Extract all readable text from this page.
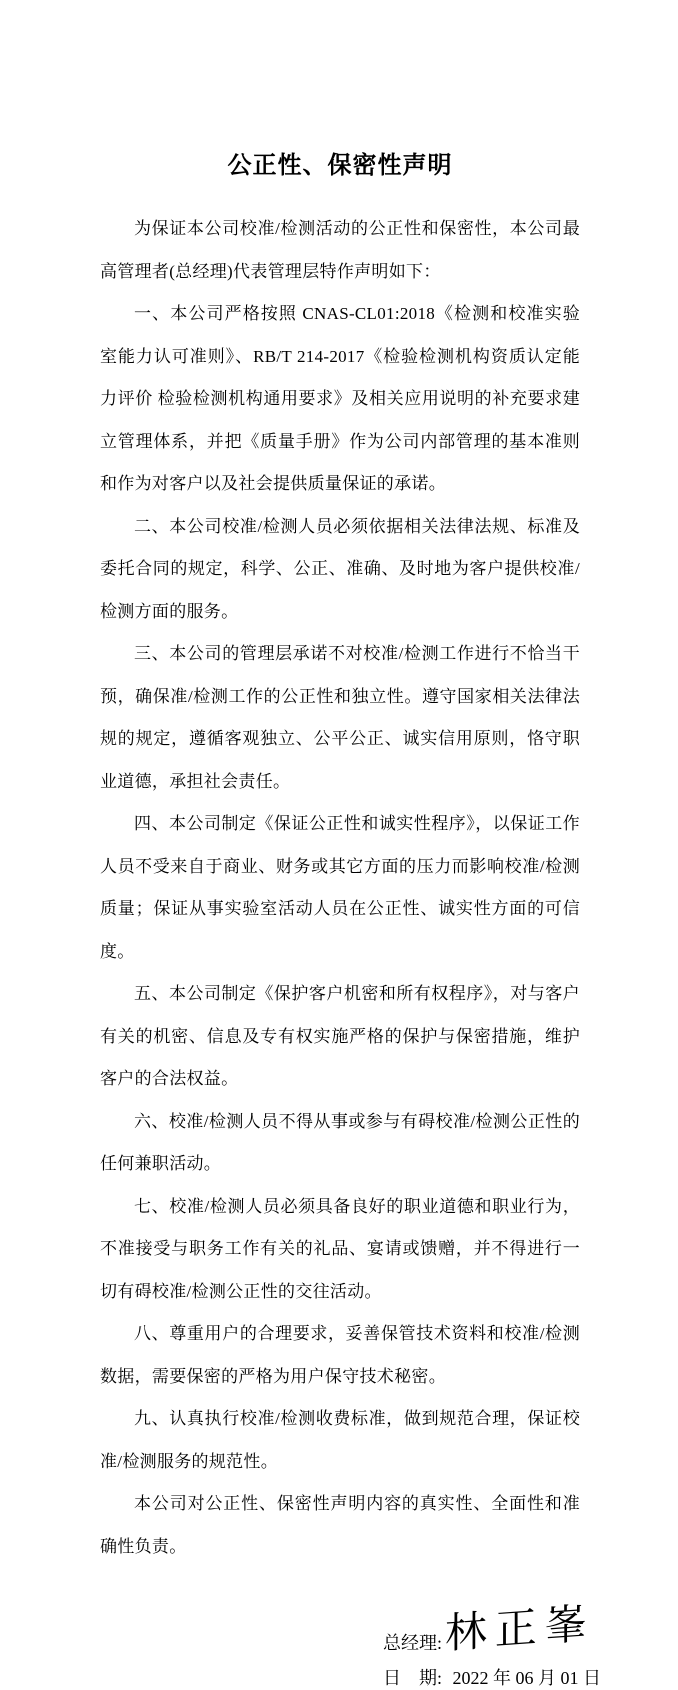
公正性、保密性声明

为保证本公司校准/检测活动的公正性和保密性，本公司最高管理者(总经理)代表管理层特作声明如下：

一、本公司严格按照 CNAS-CL01:2018《检测和校准实验室能力认可准则》、RB/T 214-2017《检验检测机构资质认定能力评价 检验检测机构通用要求》及相关应用说明的补充要求建立管理体系，并把《质量手册》作为公司内部管理的基本准则和作为对客户以及社会提供质量保证的承诺。

二、本公司校准/检测人员必须依据相关法律法规、标准及委托合同的规定，科学、公正、准确、及时地为客户提供校准/检测方面的服务。

三、本公司的管理层承诺不对校准/检测工作进行不恰当干预，确保准/检测工作的公正性和独立性。遵守国家相关法律法规的规定，遵循客观独立、公平公正、诚实信用原则，恪守职业道德，承担社会责任。

四、本公司制定《保证公正性和诚实性程序》，以保证工作人员不受来自于商业、财务或其它方面的压力而影响校准/检测质量；保证从事实验室活动人员在公正性、诚实性方面的可信度。

五、本公司制定《保护客户机密和所有权程序》，对与客户有关的机密、信息及专有权实施严格的保护与保密措施，维护客户的合法权益。

六、校准/检测人员不得从事或参与有碍校准/检测公正性的任何兼职活动。

七、校准/检测人员必须具备良好的职业道德和职业行为，不准接受与职务工作有关的礼品、宴请或馈赠，并不得进行一切有碍校准/检测公正性的交往活动。

八、尊重用户的合理要求，妥善保管技术资料和校准/检测数据，需要保密的严格为用户保守技术秘密。

九、认真执行校准/检测收费标准，做到规范合理，保证校准/检测服务的规范性。

本公司对公正性、保密性声明内容的真实性、全面性和准确性负责。

总经理: 林正峯
日　期: 2022 年 06 月 01 日
